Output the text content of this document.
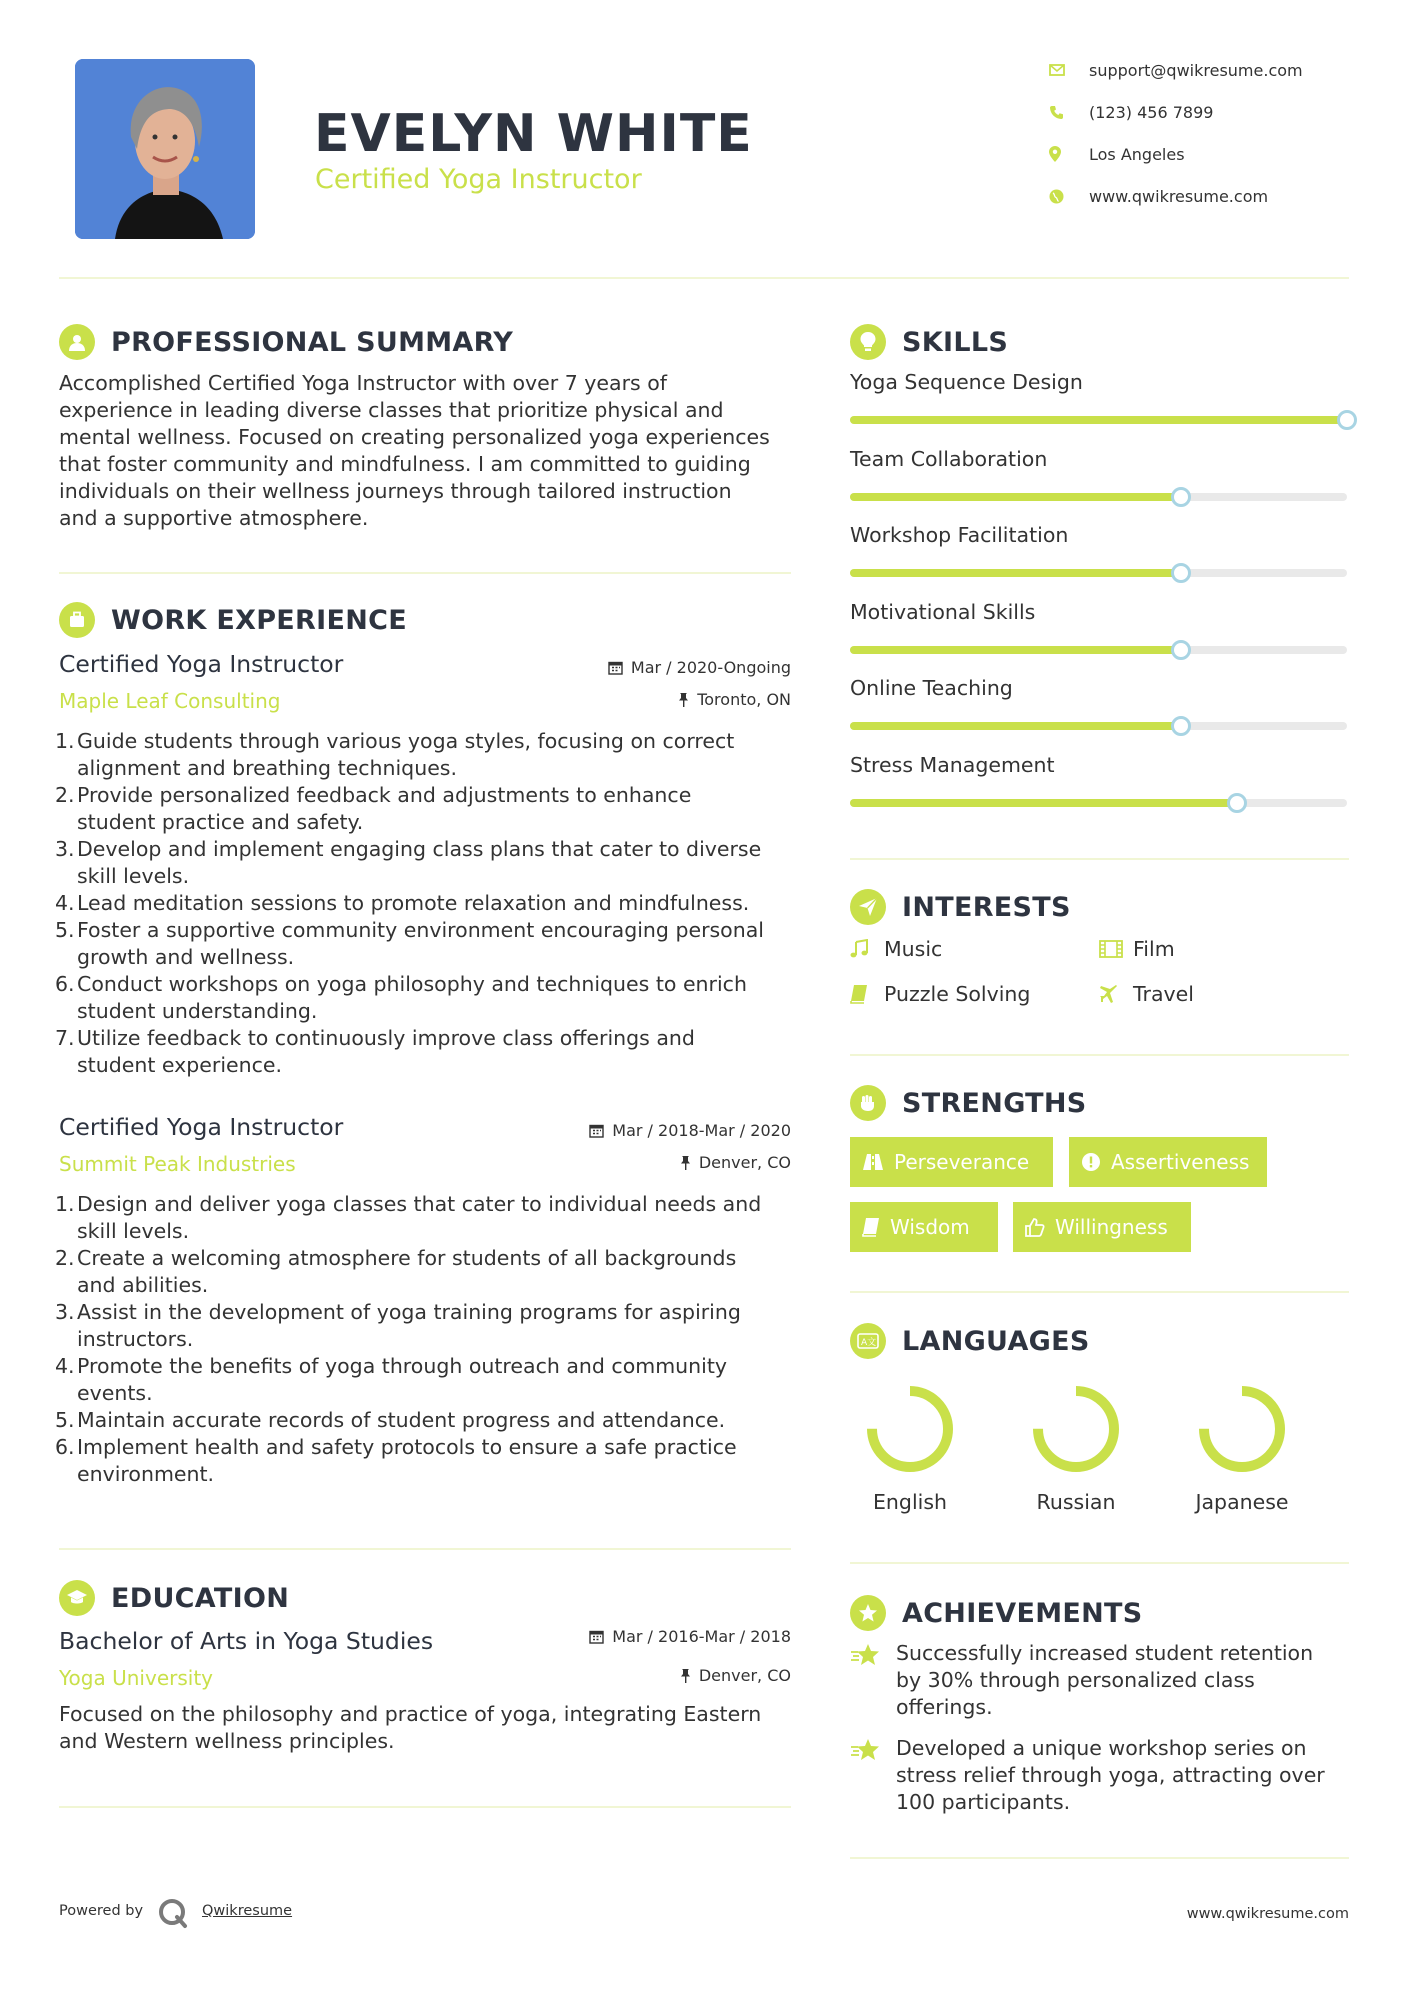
EVELYN WHITE
Certified Yoga Instructor
support@qwikresume.com
(123) 456 7899
Los Angeles
www.qwikresume.com
PROFESSIONAL SUMMARY
Accomplished Certified Yoga Instructor with over 7 years of
experience in leading diverse classes that prioritize physical and
mental wellness. Focused on creating personalized yoga experiences
that foster community and mindfulness. I am committed to guiding
individuals on their wellness journeys through tailored instruction
and a supportive atmosphere.
WORK EXPERIENCE
Certified Yoga Instructor
Maple Leaf Consulting
Mar / 2020-Ongoing
Toronto, ON
1. Guide students through various yoga styles, focusing on correct
alignment and breathing techniques.
2. Provide personalized feedback and adjustments to enhance
student practice and safety.
3. Develop and implement engaging class plans that cater to diverse
skill levels.
4. Lead meditation sessions to promote relaxation and mindfulness.
5. Foster a supportive community environment encouraging personal
growth and wellness.
6. Conduct workshops on yoga philosophy and techniques to enrich
student understanding.
7. Utilize feedback to continuously improve class offerings and
student experience.
Certified Yoga Instructor
Summit Peak Industries
Mar / 2018-Mar / 2020
Denver, CO
1. Design and deliver yoga classes that cater to individual needs and
skill levels.
2. Create a welcoming atmosphere for students of all backgrounds
and abilities.
3. Assist in the development of yoga training programs for aspiring
instructors.
4. Promote the benefits of yoga through outreach and community
events.
5. Maintain accurate records of student progress and attendance.
6. Implement health and safety protocols to ensure a safe practice
environment.
EDUCATION
Bachelor of Arts in Yoga Studies
Yoga University
Mar / 2016-Mar / 2018
Denver, CO
Focused on the philosophy and practice of yoga, integrating Eastern
and Western wellness principles.
SKILLS
Yoga Sequence Design
Team Collaboration
Workshop Facilitation
Motivational Skills
Online Teaching
Stress Management
INTERESTS
Music	Film
Puzzle Solving	Travel
STRENGTHS
Perseverance	Assertiveness
Wisdom	Willingness
A文 LANGUAGES
English	Russian	Japanese
ACHIEVEMENTS
Successfully increased student retention
by 30% through personalized class
offerings.
Developed a unique workshop series on
stress relief through yoga, attracting over
100 participants.
Powered by	Qwikresume	www.qwikresume.com
